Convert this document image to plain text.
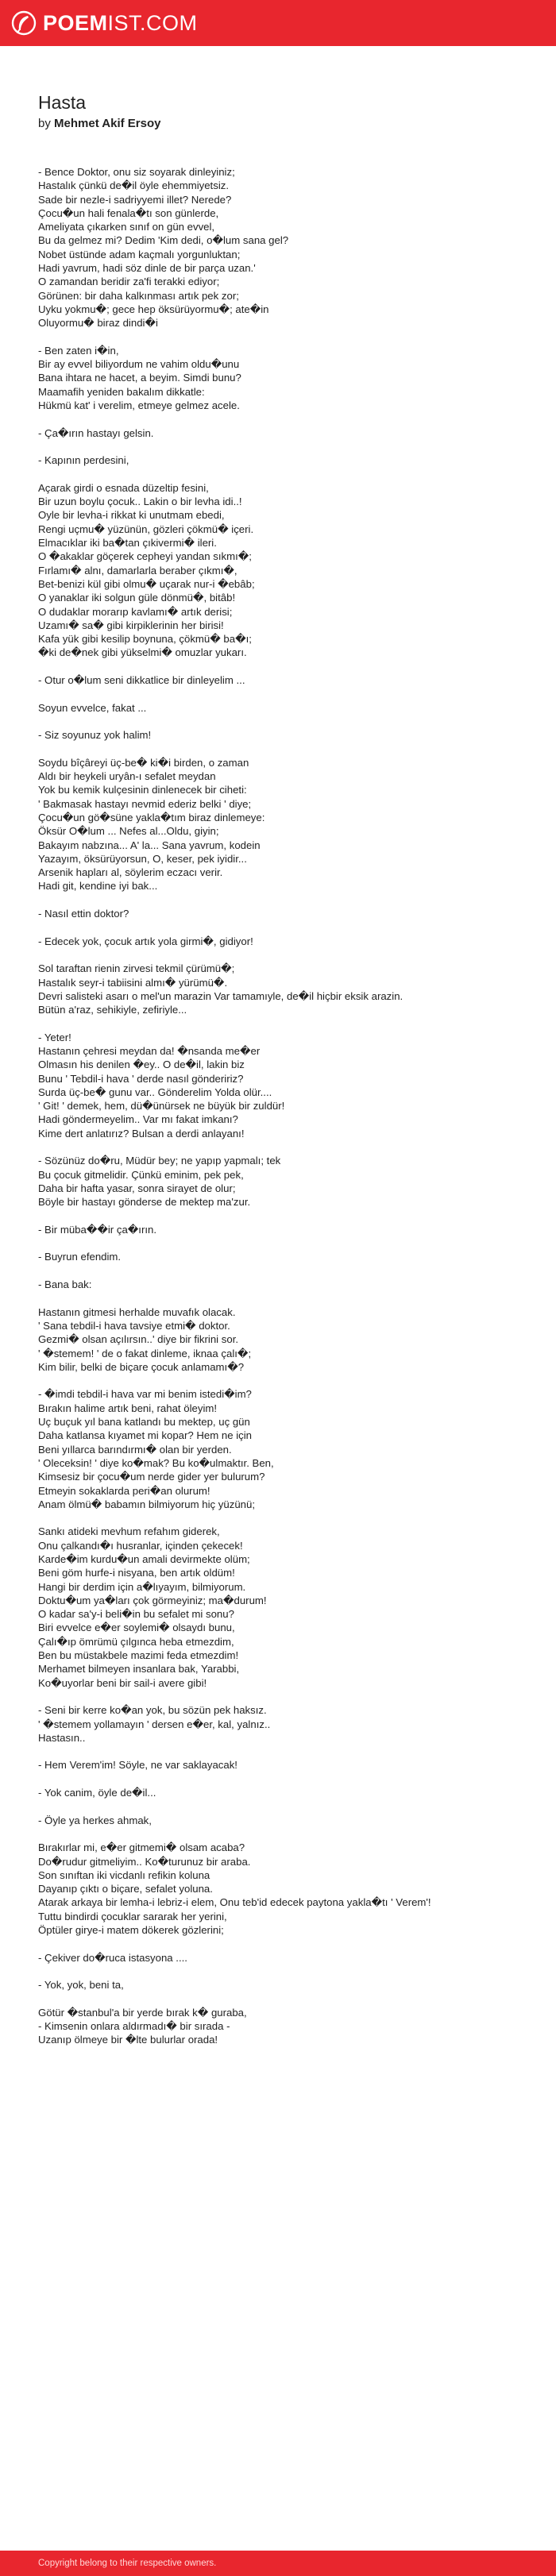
POEMIST.COM
Hasta
by Mehmet Akif Ersoy
- Bence Doktor, onu siz soyarak dinleyiniz;
Hastalık çünkü de�il öyle ehemmiyetsiz.
Sade bir nezle-i sadriyyemi illet? Nerede?
Çocu�un hali fenala�tı son günlerde,
Ameliyata çıkarken sınıf on gün evvel,
Bu da gelmez mi? Dedim 'Kim dedi, o�lum sana gel?
Nobet üstünde adam kaçmalı yorgunluktan;
Hadi yavrum, hadi söz dinle de bir parça uzan.'
O zamandan beridir za'fi terakki ediyor;
Görünen: bir daha kalkınması artık pek zor;
Uyku yokmu�; gece hep öksürüyormu�; ate�in
Oluyormu� biraz dindi�i

- Ben zaten i�in,
Bir ay evvel biliyordum ne vahim oldu�unu
Bana ihtara ne hacet, a beyim. Simdi bunu?
Maamafih yeniden bakalım dikkatle:
Hükmü kat' i verelim, etmeye gelmez acele.

- Ça�ırın hastayı gelsin.

- Kapının perdesini,

Açarak girdi o esnada düzeltip fesini,
Bir uzun boylu çocuk.. Lakin o bir levha idi..!
Oyle bir levha-i rikkat ki unutmam ebedi,
Rengi uçmu� yüzünün, gözleri çökmü� içeri.
Elmacıklar iki ba�tan çıkivermi� ileri.
O �akaklar göçerek cepheyi yandan sıkmı�;
Fırlamı� alnı, damarlarla beraber çıkmı�,
Bet-benizi kül gibi olmu� uçarak nur-i �ebâb;
O yanaklar iki solgun güle dönmü�, bitâb!
O dudaklar morarıp kavlamı� artık derisi;
Uzamı� sa� gibi kirpiklerinin her birisi!
Kafa yük gibi kesilip boynuna, çökmü� ba�ı;
�ki de�nek gibi yükselmi� omuzlar yukarı.

- Otur o�lum seni dikkatlice bir dinleyelim ...

Soyun evvelce, fakat ...

- Siz soyunuz yok halim!

Soydu bîçâreyi üç-be� ki�i birden, o zaman
Aldı bir heykeli uryân-ı sefalet meydan
Yok bu kemik kulçesinin dinlenecek bir ciheti:
' Bakmasak hastayı nevmid ederiz belki ' diye;
Çocu�un gö�süne yakla�tım biraz dinlemeye:
Öksür O�lum ... Nefes al...Oldu, giyin;
Bakayım nabzına... A' la... Sana yavrum, kodein
Yazayım, öksürüyorsun, O, keser, pek iyidir...
Arsenik hapları al, söylerim eczacı verir.
Hadi git, kendine iyi bak...

- Nasıl ettin doktor?

- Edecek yok, çocuk artık yola girmi�, gidiyor!

Sol taraftan rienin zirvesi tekmil çürümü�;
Hastalık seyr-i tabiisini almı� yürümü�.
Devri salisteki asarı o mel'un marazin Var tamamıyle, de�il hiçbir eksik arazin.
Bütün a'raz, sehikiyle, zefiriyle...

- Yeter!
Hastanın çehresi meydan da! �nsanda me�er
Olmasın his denilen �ey.. O de�il, lakin biz
Bunu ' Tebdil-i hava ' derde nasıl göndeririz?
Surda üç-be� gunu var.. Gönderelim Yolda olür....
' Git! ' demek, hem, dü�ünürsek ne büyük bir zuldür!
Hadi göndermeyelim.. Var mı fakat imkanı?
Kime dert anlatırız? Bulsan a derdi anlayanı!

- Sözünüz do�ru, Müdür bey; ne yapıp yapmalı; tek
Bu çocuk gitmelidir. Çünkü eminim, pek pek,
Daha bir hafta yasar, sonra sirayet de olur;
Böyle bir hastayı gönderse de mektep ma'zur.

- Bir müba��ir ça�ırın.

- Buyrun efendim.

- Bana bak:

Hastanın gitmesi herhalde muvafık olacak.
' Sana tebdil-i hava tavsiye etmi� doktor.
Gezmi� olsan açılırsın..' diye bir fikrini sor.
' �stemem! ' de o fakat dinleme, iknaa çalı�;
Kim bilir, belki de biçare çocuk anlamamı�?

- �imdi tebdil-i hava var mi benim istedi�im?
Bırakın halime artık beni, rahat öleyim!
Uç buçuk yıl bana katlandı bu mektep, uç gün
Daha katlansa kıyamet mi kopar? Hem ne için
Beni yıllarca barındırmı� olan bir yerden.
' Oleceksin! ' diye ko�mak? Bu ko�ulmaktır. Ben,
Kimsesiz bir çocu�um nerde gider yer bulurum?
Etmeyin sokaklarda peri�an olurum!
Anam ölmü� babamın bilmiyorum hiç yüzünü;

Sankı atideki mevhum refahım giderek,
Onu çalkandı�ı husranlar, içinden çekecek!
Karde�im kurdu�un amali devirmekte olüm;
Beni göm hurfe-i nisyana, ben artık oldüm!
Hangi bir derdim için a�lıyayım, bilmiyorum.
Doktu�um ya�ları çok görmeyiniz; ma�durum!
O kadar sa'y-i beli�in bu sefalet mi sonu?
Biri evvelce e�er soylemi� olsaydı bunu,
Çalı�ıp ömrümü çılgınca heba etmezdim,
Ben bu müstakbele mazimi feda etmezdim!
Merhamet bilmeyen insanlara bak, Yarabbi,
Ko�uyorlar beni bir sail-i avere gibi!

- Seni bir kerre ko�an yok, bu sözün pek haksız.
' �stemem yollamayın ' dersen e�er, kal, yalnız..
Hastasın..

- Hem Verem'im! Söyle, ne var saklayacak!

- Yok canim, öyle de�il...

- Öyle ya herkes ahmak,

Bırakırlar mi, e�er gitmemi� olsam acaba?
Do�rudur gitmeliyim.. Ko�turunuz bir araba.
Son sınıftan iki vicdanlı refikin koluna
Dayanıp çıktı o biçare, sefalet yoluna.
Atarak arkaya bir lemha-i lebriz-i elem, Onu teb'id edecek paytona yakla�tı ' Verem'!
Tuttu bindirdi çocuklar sararak her yerini,
Öptüler girye-i matem dökerek gözlerini;

- Çekiver do�ruca istasyona ....

- Yok, yok, beni ta,

Götür �stanbul'a bir yerde bırak k� guraba,
- Kimsenin onlara aldırmadı� bir sırada -
Uzanıp ölmeye bir �lte bulurlar orada!
Copyright belong to their respective owners.
